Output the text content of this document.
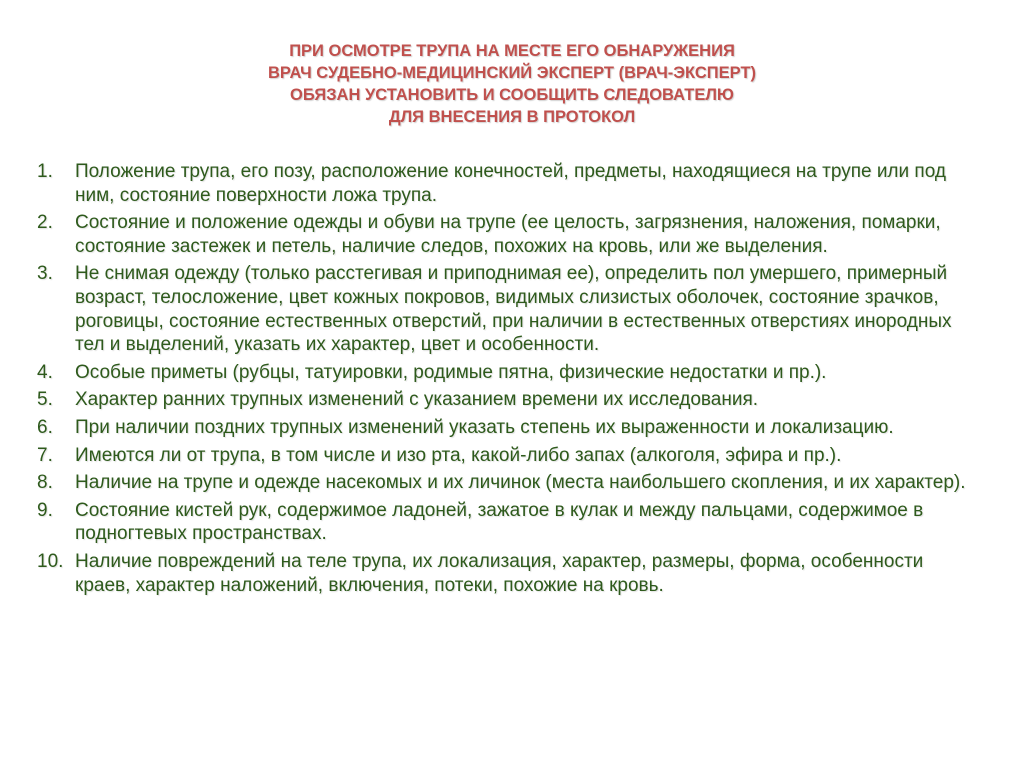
ПРИ ОСМОТРЕ ТРУПА НА МЕСТЕ ЕГО ОБНАРУЖЕНИЯ
ВРАЧ СУДЕБНО-МЕДИЦИНСКИЙ ЭКСПЕРТ (ВРАЧ-ЭКСПЕРТ)
ОБЯЗАН УСТАНОВИТЬ И СООБЩИТЬ СЛЕДОВАТЕЛЮ
ДЛЯ ВНЕСЕНИЯ В ПРОТОКОЛ
1. Положение трупа, его позу, расположение конечностей, предметы, находящиеся на трупе или под ним, состояние поверхности ложа трупа.
2. Состояние и положение одежды и обуви на трупе (ее целость, загрязнения, наложения, помарки, состояние застежек и петель, наличие следов, похожих на кровь, или же выделения.
3. Не снимая одежду (только расстегивая и приподнимая ее), определить пол умершего, примерный возраст, телосложение, цвет кожных покровов, видимых слизистых оболочек, состояние зрачков, роговицы, состояние естественных отверстий, при наличии в естественных отверстиях инородных тел и выделений, указать их характер, цвет и особенности.
4. Особые приметы (рубцы, татуировки, родимые пятна, физические недостатки и пр.).
5. Характер ранних трупных изменений с указанием времени их исследования.
6. При наличии поздних трупных изменений указать степень их выраженности и локализацию.
7. Имеются ли от трупа, в том числе и изо рта, какой-либо запах (алкоголя, эфира и пр.).
8. Наличие на трупе и одежде насекомых и их личинок (места наибольшего скопления, и их характер).
9. Состояние кистей рук, содержимое ладоней, зажатое в кулак и между пальцами, содержимое в подногтевых пространствах.
10. Наличие повреждений на теле трупа, их локализация, характер, размеры, форма, особенности краев, характер наложений, включения, потеки, похожие на кровь.
